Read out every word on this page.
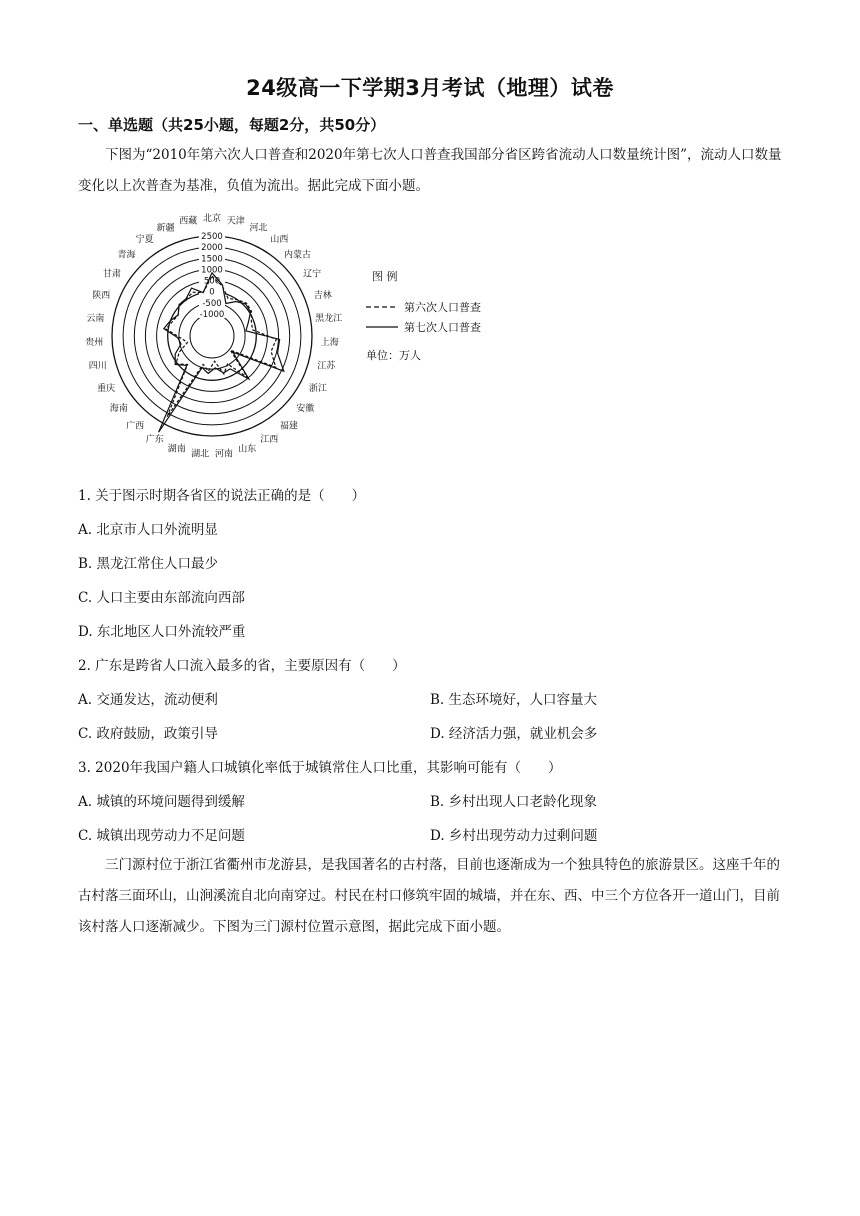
24级高一下学期3月考试（地理）试卷
一、单选题（共25小题，每题2分，共50分）
下图为“2010年第六次人口普查和2020年第七次人口普查我国部分省区跨省流动人口数量统计图”，流动人口数量变化以上次普查为基准，负值为流出。据此完成下面小题。
2500
2000
1500
1000
500
0
-500
-1000
北京 天津
河北
山西
内蒙古
辽宁
吉林
黑龙江
上海
江苏
浙江
安徽
福建
江西
山东
河南
湖北
湖南
广东
广西
海南
重庆
四川
贵州
云南
陕西
甘肃
青海
宁夏
新疆
西藏
图 例
第六次人口普查
第七次人口普查
单位：万人
1. 关于图示时期各省区的说法正确的是（　　）
A. 北京市人口外流明显
B. 黑龙江常住人口最少
C. 人口主要由东部流向西部
D. 东北地区人口外流较严重
2. 广东是跨省人口流入最多的省，主要原因有（　　）
A. 交通发达，流动便利	B. 生态环境好，人口容量大
C. 政府鼓励，政策引导	D. 经济活力强，就业机会多
3. 2020年我国户籍人口城镇化率低于城镇常住人口比重，其影响可能有（　　）
A. 城镇的环境问题得到缓解	B. 乡村出现人口老龄化现象
C. 城镇出现劳动力不足问题	D. 乡村出现劳动力过剩问题
三门源村位于浙江省衢州市龙游县，是我国著名的古村落，目前也逐渐成为一个独具特色的旅游景区。这座千年的古村落三面环山，山涧溪流自北向南穿过。村民在村口修筑牢固的城墙，并在东、西、中三个方位各开一道山门，目前该村落人口逐渐减少。下图为三门源村位置示意图，据此完成下面小题。
